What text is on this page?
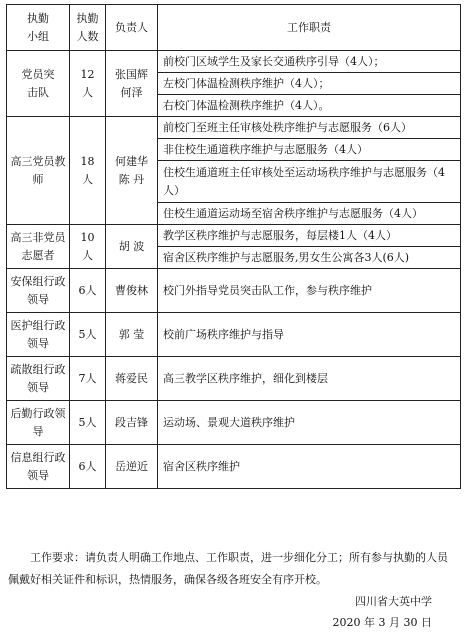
执勤小组	执勤人数	负责人	工作职责
党员突击队	12人	张国辉 何泽	前校门区域学生及家长交通秩序引导（4人）；
			左校门体温检测秩序维护（4人）；
			右校门体温检测秩序维护（4人）。
高三党员教师	18人	何建华 陈 丹	前校门至班主任审核处秩序维护与志愿服务（6人）
			非住校生通道秩序维护与志愿服务（4人）
			住校生通道班主任审核处至运动场秩序维护与志愿服务（4人）
			住校生通道运动场至宿舍秩序维护与志愿服务（4人）
高三非党员志愿者	10人	胡 波	教学区秩序维护与志愿服务，每层楼1人（4人）
			宿舍区秩序维护与志愿服务,男女生公寓各3人(6人)
安保组行政领导	6人	曹俊林	校门外指导党员突击队工作，参与秩序维护
医护组行政领导	5人	郭 莹	校前广场秩序维护与指导
疏散组行政领导	7人	蒋爱民	高三教学区秩序维护，细化到楼层
后勤行政领导	5人	段吉锋	运动场、景观大道秩序维护
信息组行政领导	6人	岳逆近	宿舍区秩序维护

工作要求：请负责人明确工作地点、工作职责，进一步细化分工；所有参与执勤的人员佩戴好相关证件和标识，热情服务，确保各级各班安全有序开校。

四川省大英中学
2020 年 3 月 30 日
